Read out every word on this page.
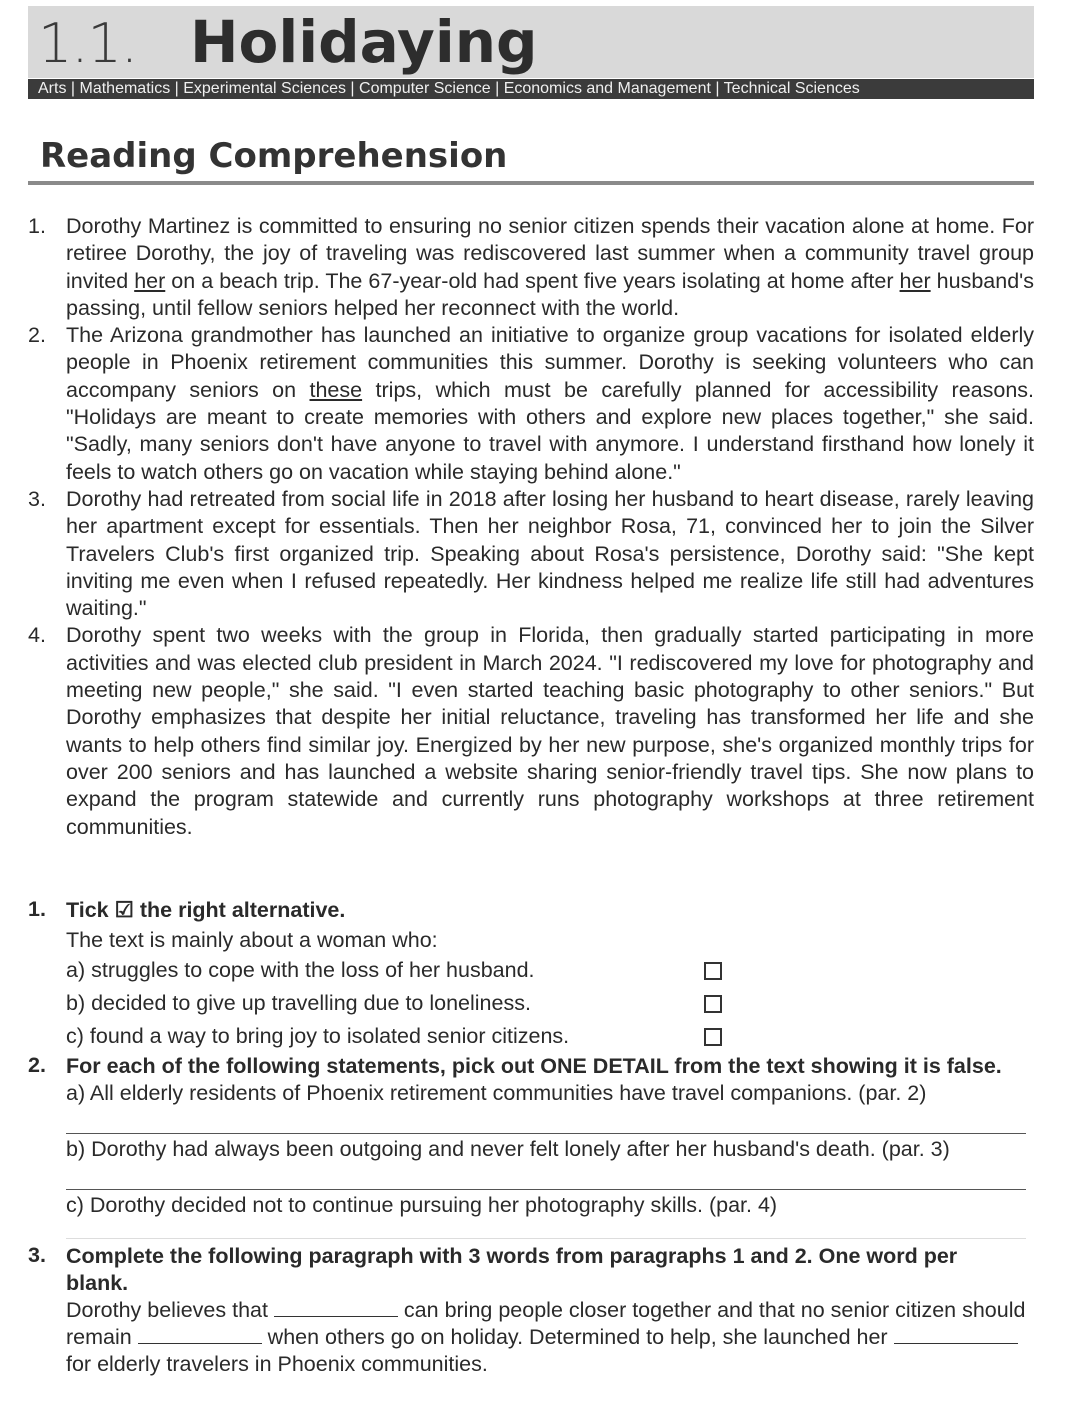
1.1. Holidaying
Arts | Mathematics | Experimental Sciences | Computer Science | Economics and Management | Technical Sciences
Reading Comprehension
1. Dorothy Martinez is committed to ensuring no senior citizen spends their vacation alone at home. For retiree Dorothy, the joy of traveling was rediscovered last summer when a community travel group invited her on a beach trip. The 67-year-old had spent five years isolating at home after her husband's passing, until fellow seniors helped her reconnect with the world.
2. The Arizona grandmother has launched an initiative to organize group vacations for isolated elderly people in Phoenix retirement communities this summer. Dorothy is seeking volunteers who can accompany seniors on these trips, which must be carefully planned for accessibility reasons. "Holidays are meant to create memories with others and explore new places together," she said. "Sadly, many seniors don't have anyone to travel with anymore. I understand firsthand how lonely it feels to watch others go on vacation while staying behind alone."
3. Dorothy had retreated from social life in 2018 after losing her husband to heart disease, rarely leaving her apartment except for essentials. Then her neighbor Rosa, 71, convinced her to join the Silver Travelers Club's first organized trip. Speaking about Rosa's persistence, Dorothy said: "She kept inviting me even when I refused repeatedly. Her kindness helped me realize life still had adventures waiting."
4. Dorothy spent two weeks with the group in Florida, then gradually started participating in more activities and was elected club president in March 2024. "I rediscovered my love for photography and meeting new people," she said. "I even started teaching basic photography to other seniors." But Dorothy emphasizes that despite her initial reluctance, traveling has transformed her life and she wants to help others find similar joy. Energized by her new purpose, she's organized monthly trips for over 200 seniors and has launched a website sharing senior-friendly travel tips. She now plans to expand the program statewide and currently runs photography workshops at three retirement communities.
1. Tick ☑ the right alternative.
The text is mainly about a woman who:
a) struggles to cope with the loss of her husband.
b) decided to give up travelling due to loneliness.
c) found a way to bring joy to isolated senior citizens.
2. For each of the following statements, pick out ONE DETAIL from the text showing it is false.
a) All elderly residents of Phoenix retirement communities have travel companions. (par. 2)
b) Dorothy had always been outgoing and never felt lonely after her husband's death. (par. 3)
c) Dorothy decided not to continue pursuing her photography skills. (par. 4)
3. Complete the following paragraph with 3 words from paragraphs 1 and 2. One word per blank.
Dorothy believes that	can bring people closer together and that no senior citizen should remain	when others go on holiday. Determined to help, she launched her  for elderly travelers in Phoenix communities.
